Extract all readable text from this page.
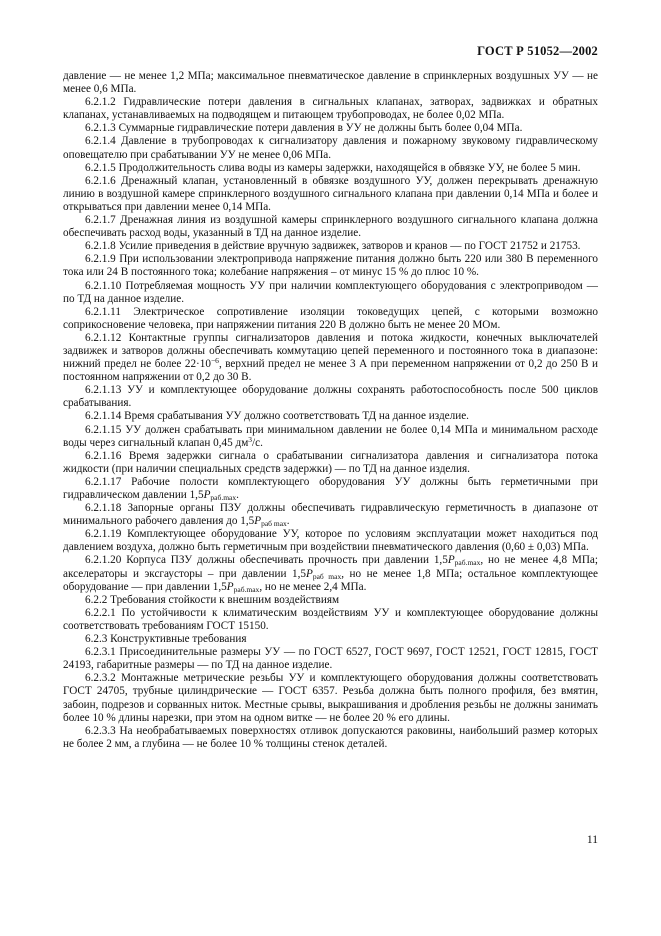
ГОСТ Р 51052—2002

давление — не менее 1,2 МПа; максимальное пневматическое давление в спринклерных воздушных УУ — не менее 0,6 МПа.

6.2.1.2 Гидравлические потери давления в сигнальных клапанах, затворах, задвижках и обратных клапанах, устанавливаемых на подводящем и питающем трубопроводах, не более 0,02 МПа.

6.2.1.3 Суммарные гидравлические потери давления в УУ не должны быть более 0,04 МПа.

6.2.1.4 Давление в трубопроводах к сигнализатору давления и пожарному звуковому гидравлическому оповещателю при срабатывании УУ не менее 0,06 МПа.

6.2.1.5 Продолжительность слива воды из камеры задержки, находящейся в обвязке УУ, не более 5 мин.

6.2.1.6 Дренажный клапан, установленный в обвязке воздушного УУ, должен перекрывать дренажную линию в воздушной камере спринклерного воздушного сигнального клапана при давлении 0,14 МПа и более и открываться при давлении менее 0,14 МПа.

6.2.1.7 Дренажная линия из воздушной камеры спринклерного воздушного сигнального клапана должна обеспечивать расход воды, указанный в ТД на данное изделие.

6.2.1.8 Усилие приведения в действие вручную задвижек, затворов и кранов — по ГОСТ 21752 и 21753.

6.2.1.9 При использовании электропривода напряжение питания должно быть 220 или 380 В переменного тока или 24 В постоянного тока; колебание напряжения – от минус 15 % до плюс 10 %.

6.2.1.10 Потребляемая мощность УУ при наличии комплектующего оборудования с электроприводом — по ТД на данное изделие.

6.2.1.11 Электрическое сопротивление изоляции токоведущих цепей, с которыми возможно соприкосновение человека, при напряжении питания 220 В должно быть не менее 20 МОм.

6.2.1.12 Контактные группы сигнализаторов давления и потока жидкости, конечных выключателей задвижек и затворов должны обеспечивать коммутацию цепей переменного и постоянного тока в диапазоне: нижний предел не более $22\cdot 10^{-6}$, верхний предел не менее 3 А при переменном напряжении от 0,2 до 250 В и постоянном напряжении от 0,2 до 30 В.

6.2.1.13 УУ и комплектующее оборудование должны сохранять работоспособность после 500 циклов срабатывания.

6.2.1.14 Время срабатывания УУ должно соответствовать ТД на данное изделие.

6.2.1.15 УУ должен срабатывать при минимальном давлении не более 0,14 МПа и минимальном расходе воды через сигнальный клапан 0,45 $дм^3/с$.

6.2.1.16 Время задержки сигнала о срабатывании сигнализатора давления и сигнализатора потока жидкости (при наличии специальных средств задержки) — по ТД на данное изделия.

6.2.1.17 Рабочие полости комплектующего оборудования УУ должны быть герметичными при гидравлическом давлении $1,5P_{раб.max}$.

6.2.1.18 Запорные органы ПЗУ должны обеспечивать гидравлическую герметичность в диапазоне от минимального рабочего давления до $1,5P_{раб max}$.

6.2.1.19 Комплектующее оборудование УУ, которое по условиям эксплуатации может находиться под давлением воздуха, должно быть герметичным при воздействии пневматического давления (0,60 ± 0,03) МПа.

6.2.1.20 Корпуса ПЗУ должны обеспечивать прочность при давлении $1,5P_{раб.max}$, но не менее 4,8 МПа; акселераторы и эксгаусторы – при давлении $1,5P_{раб max}$, но не менее 1,8 МПа; остальное комплектующее оборудование — при давлении $1,5P_{раб.max}$, но не менее 2,4 МПа.

6.2.2 Требования стойкости к внешним воздействиям

6.2.2.1 По устойчивости к климатическим воздействиям УУ и комплектующее оборудование должны соответствовать требованиям ГОСТ 15150.

6.2.3 Конструктивные требования

6.2.3.1 Присоединительные размеры УУ — по ГОСТ 6527, ГОСТ 9697, ГОСТ 12521, ГОСТ 12815, ГОСТ 24193, габаритные размеры — по ТД на данное изделие.

6.2.3.2 Монтажные метрические резьбы УУ и комплектующего оборудования должны соответствовать ГОСТ 24705, трубные цилиндрические — ГОСТ 6357. Резьба должна быть полного профиля, без вмятин, забоин, подрезов и сорванных ниток. Местные срывы, выкрашивания и дробления резьбы не должны занимать более 10 % длины нарезки, при этом на одном витке — не более 20 % его длины.

6.2.3.3 На необрабатываемых поверхностях отливок допускаются раковины, наибольший размер которых не более 2 мм, а глубина — не более 10 % толщины стенок деталей.

11
